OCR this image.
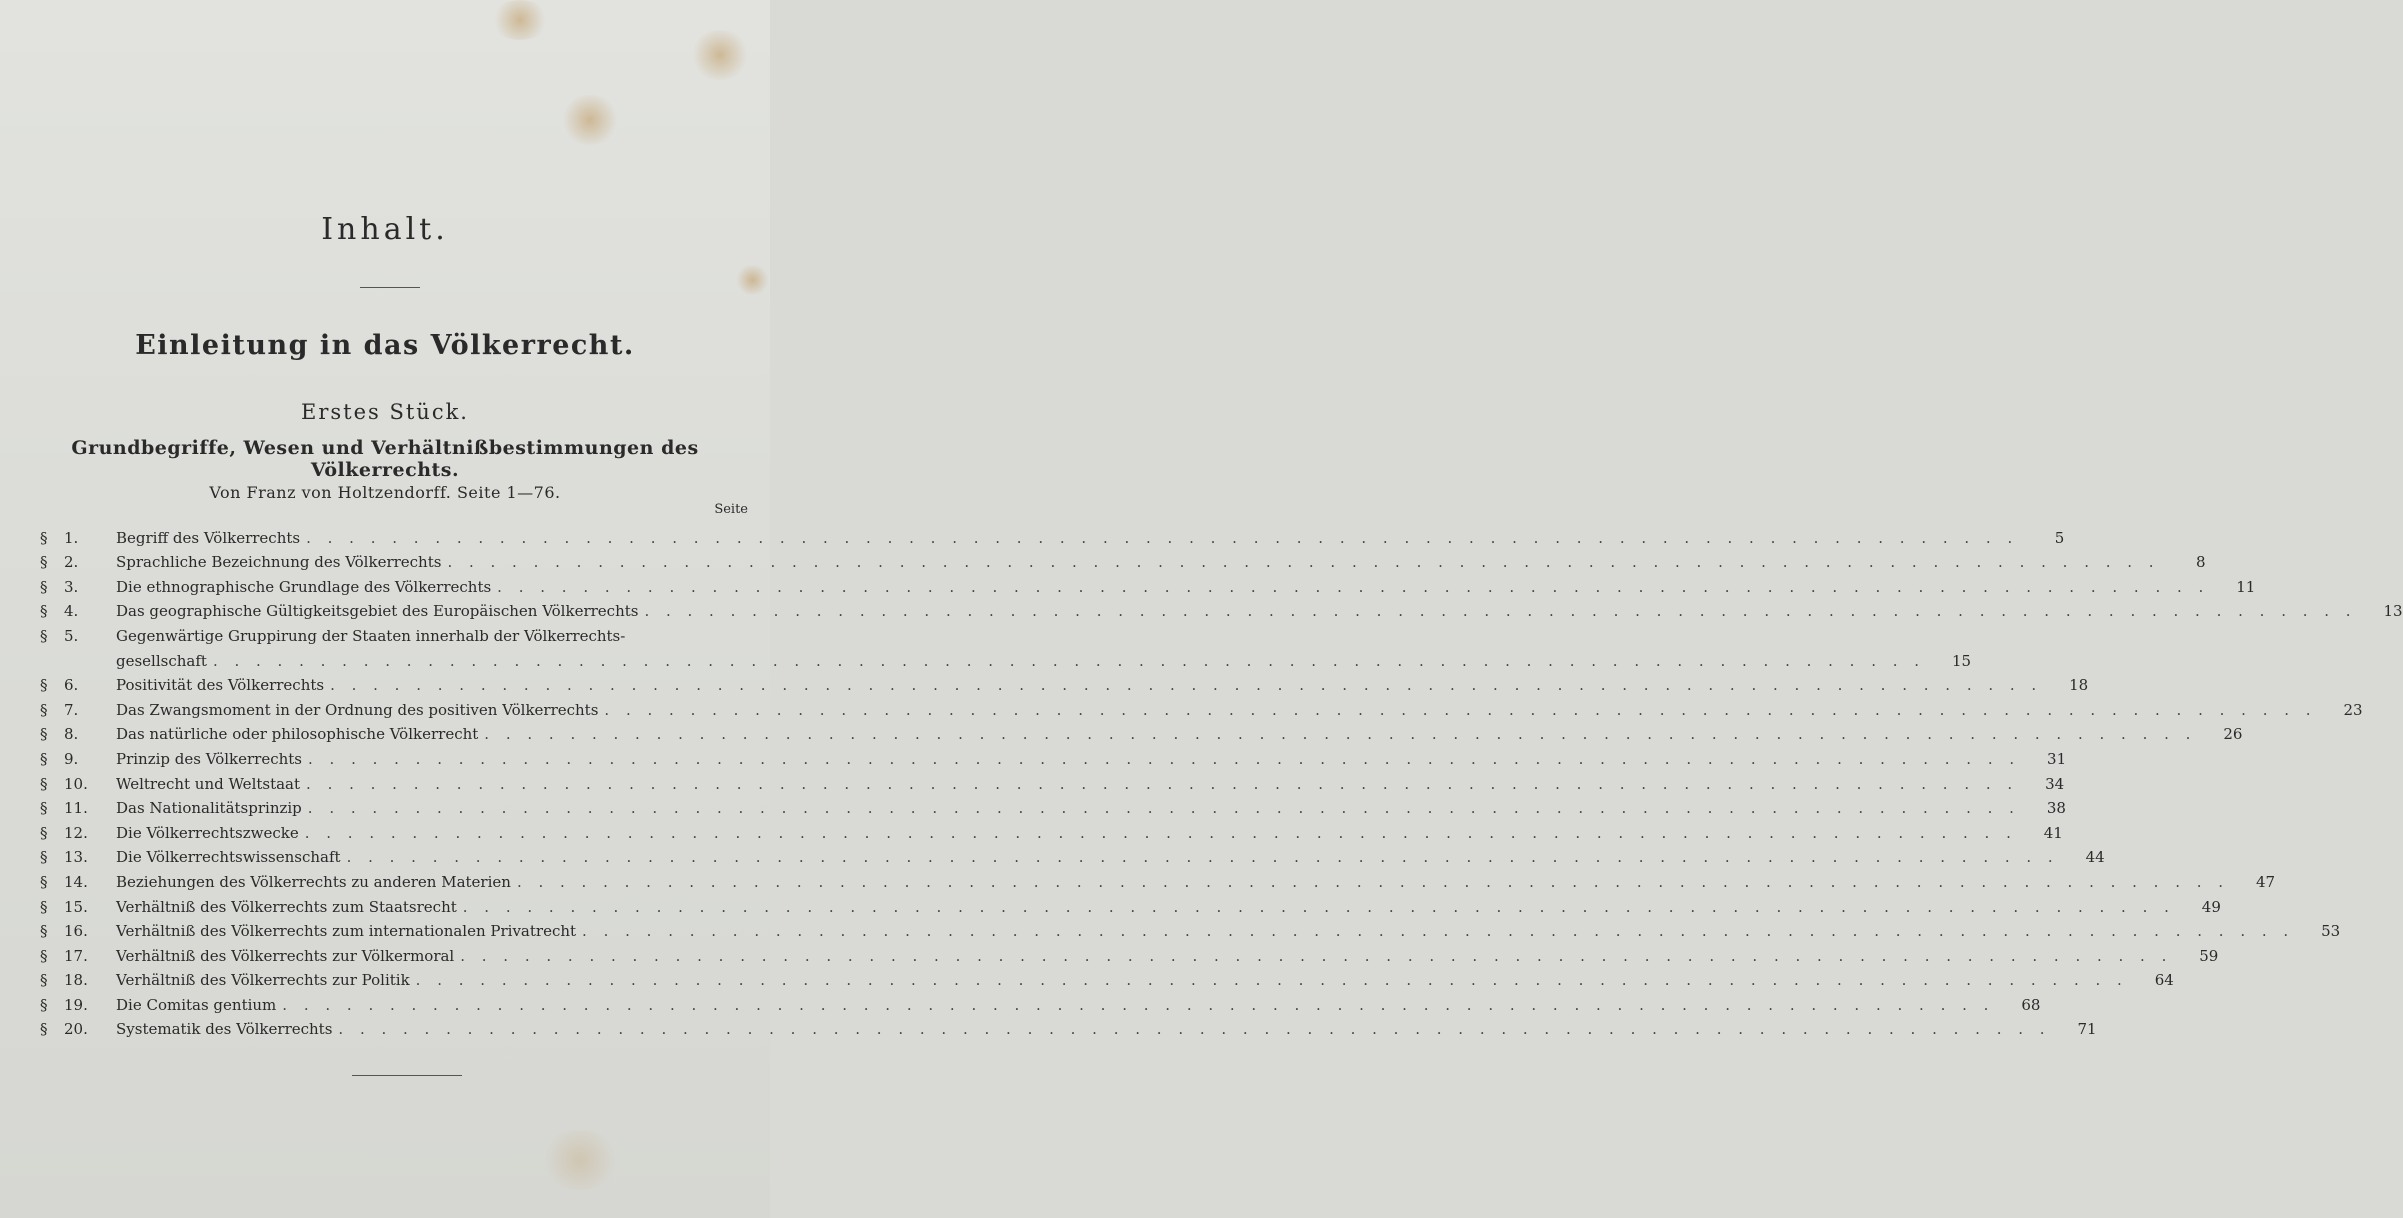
Inhalt.
Einleitung in das Völkerrecht.
Erstes Stück.
Grundbegriffe, Wesen und Verhältnißbestimmungen des Völkerrechts.
Von Franz von Holtzendorff. Seite 1—76.
Seite
§ 1.	Begriff des Völkerrechts . . . . . . . . . . . . . . . . . . . . . . . . . . . . . . . . . . . . . . . . . . . . . . . . . . . . . . . . . . . . . . . . . . . . . . . . . . . . . . . .	5
§ 2.	Sprachliche Bezeichnung des Völkerrechts . . . . . . . . . . . . . . . . . . . . . . . . . . . . . . . . . . . . . . . . . . . . . . . . . . . . . . . . . . . . . . . . . . . . . . . . . . . . . . . .	8
§ 3.	Die ethnographische Grundlage des Völkerrechts . . . . . . . . . . . . . . . . . . . . . . . . . . . . . . . . . . . . . . . . . . . . . . . . . . . . . . . . . . . . . . . . . . . . . . . . . . . . . . . .	11
§ 4.	Das geographische Gültigkeitsgebiet des Europäischen Völkerrechts . . . . . . . . . . . . . . . . . . . . . . . . . . . . . . . . . . . . . . . . . . . . . . . . . . . . . . . . . . . . . . . . . . . . . . . . . . . . . . . .	13
§ 5.	Gegenwärtige Gruppirung der Staaten innerhalb der Völkerrechts-
gesellschaft . . . . . . . . . . . . . . . . . . . . . . . . . . . . . . . . . . . . . . . . . . . . . . . . . . . . . . . . . . . . . . . . . . . . . . . . . . . . . . . .	15
§ 6.	Positivität des Völkerrechts . . . . . . . . . . . . . . . . . . . . . . . . . . . . . . . . . . . . . . . . . . . . . . . . . . . . . . . . . . . . . . . . . . . . . . . . . . . . . . . .	18
§ 7.	Das Zwangsmoment in der Ordnung des positiven Völkerrechts . . . . . . . . . . . . . . . . . . . . . . . . . . . . . . . . . . . . . . . . . . . . . . . . . . . . . . . . . . . . . . . . . . . . . . . . . . . . . . . .	23
§ 8.	Das natürliche oder philosophische Völkerrecht . . . . . . . . . . . . . . . . . . . . . . . . . . . . . . . . . . . . . . . . . . . . . . . . . . . . . . . . . . . . . . . . . . . . . . . . . . . . . . . .	26
§ 9.	Prinzip des Völkerrechts . . . . . . . . . . . . . . . . . . . . . . . . . . . . . . . . . . . . . . . . . . . . . . . . . . . . . . . . . . . . . . . . . . . . . . . . . . . . . . . .	31
§ 10.	Weltrecht und Weltstaat . . . . . . . . . . . . . . . . . . . . . . . . . . . . . . . . . . . . . . . . . . . . . . . . . . . . . . . . . . . . . . . . . . . . . . . . . . . . . . . .	34
§ 11.	Das Nationalitätsprinzip . . . . . . . . . . . . . . . . . . . . . . . . . . . . . . . . . . . . . . . . . . . . . . . . . . . . . . . . . . . . . . . . . . . . . . . . . . . . . . . .	38
§ 12.	Die Völkerrechtszwecke . . . . . . . . . . . . . . . . . . . . . . . . . . . . . . . . . . . . . . . . . . . . . . . . . . . . . . . . . . . . . . . . . . . . . . . . . . . . . . . .	41
§ 13.	Die Völkerrechtswissenschaft . . . . . . . . . . . . . . . . . . . . . . . . . . . . . . . . . . . . . . . . . . . . . . . . . . . . . . . . . . . . . . . . . . . . . . . . . . . . . . . .	44
§ 14.	Beziehungen des Völkerrechts zu anderen Materien . . . . . . . . . . . . . . . . . . . . . . . . . . . . . . . . . . . . . . . . . . . . . . . . . . . . . . . . . . . . . . . . . . . . . . . . . . . . . . . .	47
§ 15.	Verhältniß des Völkerrechts zum Staatsrecht . . . . . . . . . . . . . . . . . . . . . . . . . . . . . . . . . . . . . . . . . . . . . . . . . . . . . . . . . . . . . . . . . . . . . . . . . . . . . . . .	49
§ 16.	Verhältniß des Völkerrechts zum internationalen Privatrecht . . . . . . . . . . . . . . . . . . . . . . . . . . . . . . . . . . . . . . . . . . . . . . . . . . . . . . . . . . . . . . . . . . . . . . . . . . . . . . . .	53
§ 17.	Verhältniß des Völkerrechts zur Völkermoral . . . . . . . . . . . . . . . . . . . . . . . . . . . . . . . . . . . . . . . . . . . . . . . . . . . . . . . . . . . . . . . . . . . . . . . . . . . . . . . .	59
§ 18.	Verhältniß des Völkerrechts zur Politik . . . . . . . . . . . . . . . . . . . . . . . . . . . . . . . . . . . . . . . . . . . . . . . . . . . . . . . . . . . . . . . . . . . . . . . . . . . . . . . .	64
§ 19.	Die Comitas gentium . . . . . . . . . . . . . . . . . . . . . . . . . . . . . . . . . . . . . . . . . . . . . . . . . . . . . . . . . . . . . . . . . . . . . . . . . . . . . . . .	68
§ 20.	Systematik des Völkerrechts . . . . . . . . . . . . . . . . . . . . . . . . . . . . . . . . . . . . . . . . . . . . . . . . . . . . . . . . . . . . . . . . . . . . . . . . . . . . . . . .	71
